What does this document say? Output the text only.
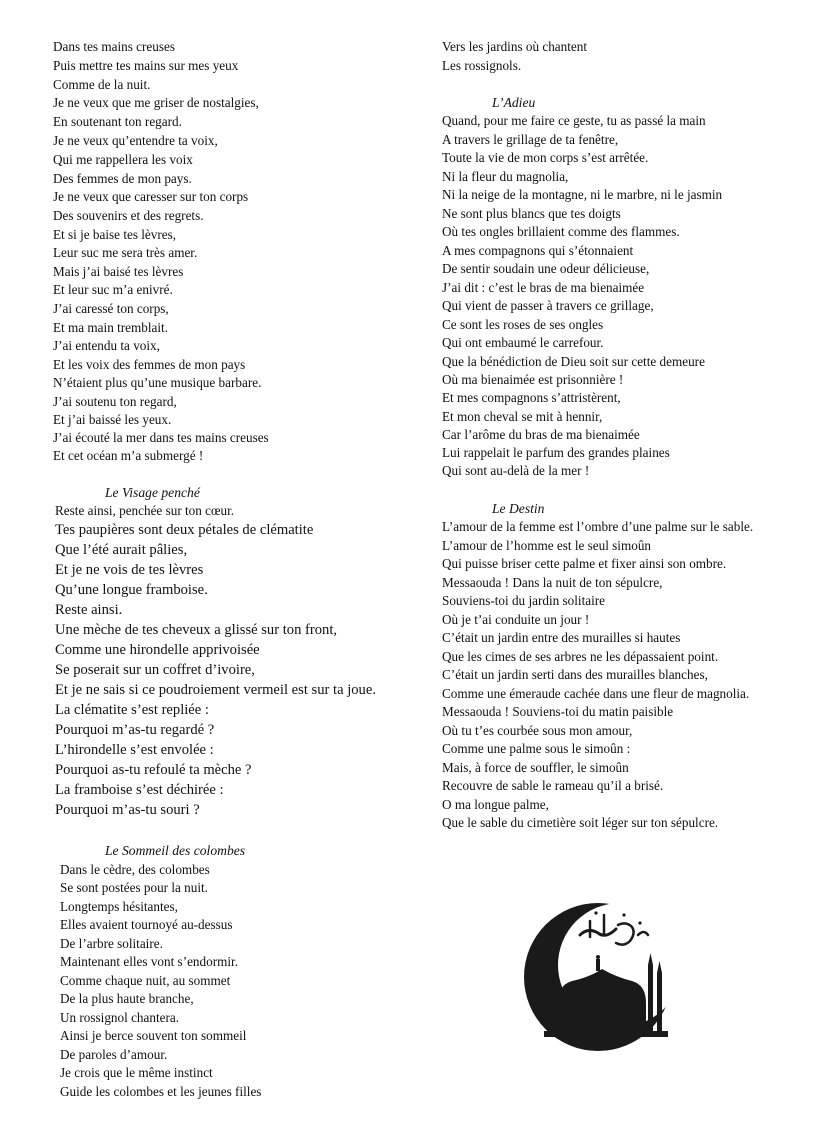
Dans tes mains creuses
Puis mettre tes mains sur mes yeux
Comme de la nuit.
Je ne veux que me griser de nostalgies,
En soutenant ton regard.
Je ne veux qu’entendre ta voix,
Qui me rappellera les voix
Des femmes de mon pays.
Je ne veux que caresser sur ton corps
Des souvenirs et des regrets.
Et si je baise tes lèvres,
Leur suc me sera très amer.
Mais j’ai baisé tes lèvres
Et leur suc m’a enivré.
J’ai caressé ton corps,
Et ma main tremblait.
J’ai entendu ta voix,
Et les voix des femmes de mon pays
N’étaient plus qu’une musique barbare.
J’ai soutenu ton regard,
Et j’ai baissé les yeux.
J’ai écouté la mer dans tes mains creuses
Et cet océan m’a submergé !
Le Visage penché
Reste ainsi, penchée sur ton cœur.
Tes paupières sont deux pétales de clématite
Que l’été aurait pâlies,
Et je ne vois de tes lèvres
Qu’une longue framboise.
Reste ainsi.
Une mèche de tes cheveux a glissé sur ton front,
Comme une hirondelle apprivoisée
Se poserait sur un coffret d’ivoire,
Et je ne sais si ce poudroiement vermeil est sur ta joue.
La clématite s’est repliée :
Pourquoi m’as-tu regardé ?
L’hirondelle s’est envolée :
Pourquoi as-tu refoulé ta mèche ?
La framboise s’est déchirée :
Pourquoi m’as-tu souri ?
Le Sommeil des colombes
Dans le cèdre, des colombes
Se sont postées pour la nuit.
Longtemps hésitantes,
Elles avaient tournoyé au-dessus
De l’arbre solitaire.
Maintenant elles vont s’endormir.
Comme chaque nuit, au sommet
De la plus haute branche,
Un rossignol chantera.
Ainsi je berce souvent ton sommeil
De paroles d’amour.
Je crois que le même instinct
Guide les colombes et les jeunes filles
Vers les jardins où chantent
Les rossignols.
L’Adieu
Quand, pour me faire ce geste, tu as passé la main
A travers le grillage de ta fenêtre,
Toute la vie de mon corps s’est arrêtée.
Ni la fleur du magnolia,
Ni la neige de la montagne, ni le marbre, ni le jasmin
Ne sont plus blancs que tes doigts
Où tes ongles brillaient comme des flammes.
A mes compagnons qui s’étonnaient
De sentir soudain une odeur délicieuse,
J’ai dit : c’est le bras de ma bienaimée
Qui vient de passer à travers ce grillage,
Ce sont les roses de ses ongles
Qui ont embaumé le carrefour.
Que la bénédiction de Dieu soit sur cette demeure
Où ma bienaimée est prisonnière !
Et mes compagnons s’attristèrent,
Et mon cheval se mit à hennir,
Car l’arôme du bras de ma bienaimée
Lui rappelait le parfum des grandes plaines
Qui sont au-delà de la mer !
Le Destin
L’amour de la femme est l’ombre d’une palme sur le sable.
L’amour de l’homme est le seul simoûn
Qui puisse briser cette palme et fixer ainsi son ombre.
Messaouda ! Dans la nuit de ton sépulcre,
Souviens-toi du jardin solitaire
Où je t’ai conduite un jour !
C’était un jardin entre des murailles si hautes
Que les cimes de ses arbres ne les dépassaient point.
C’était un jardin serti dans des murailles blanches,
Comme une émeraude cachée dans une fleur de magnolia.
Messaouda ! Souviens-toi du matin paisible
Où tu t’es courbée sous mon amour,
Comme une palme sous le simoûn :
Mais, à force de souffler, le simoûn
Recouvre de sable le rameau qu’il a brisé.
O ma longue palme,
Que le sable du cimetière soit léger sur ton sépulcre.
